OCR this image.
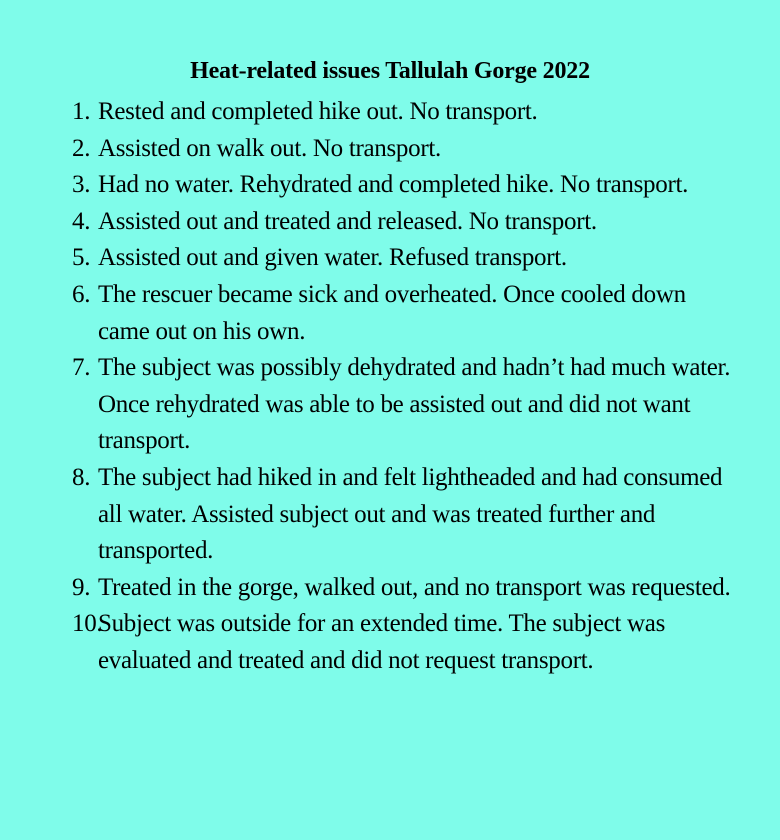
Heat-related issues Tallulah Gorge 2022
1. Rested and completed hike out. No transport.
2. Assisted on walk out. No transport.
3. Had no water. Rehydrated and completed hike. No transport.
4. Assisted out and treated and released. No transport.
5. Assisted out and given water. Refused transport.
6. The rescuer became sick and overheated. Once cooled down came out on his own.
7. The subject was possibly dehydrated and hadn’t had much water. Once rehydrated was able to be assisted out and did not want transport.
8. The subject had hiked in and felt lightheaded and had consumed all water. Assisted subject out and was treated further and transported.
9. Treated in the gorge, walked out, and no transport was requested.
10.
Subject was outside for an extended time. The subject was evaluated and treated and did not request transport.
